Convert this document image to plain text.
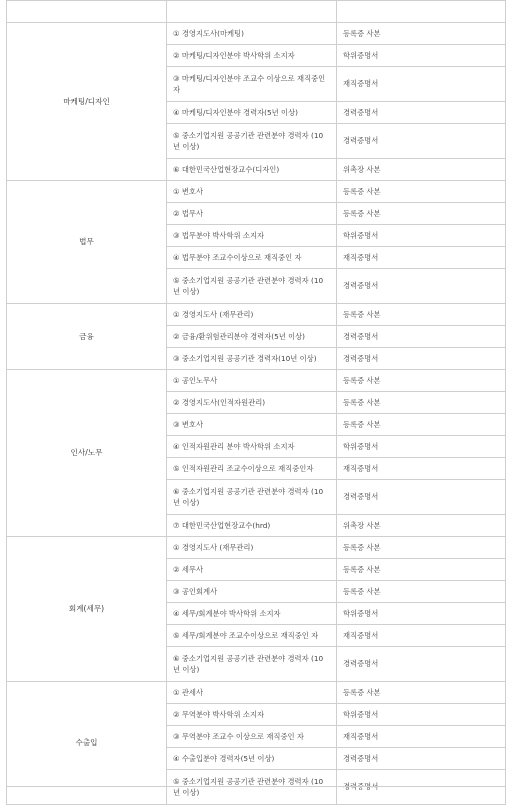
마케팅/디자인	① 경영지도사(마케팅)	등록증 사본
	② 마케팅/디자인분야 박사학위 소지자	학위증명서
	③ 마케팅/디자인분야 조교수 이상으로 재직중인 자	재직증명서
	④ 마케팅/디자인분야 경력자(5년 이상)	경력증명서
	⑤ 중소기업지원 공공기관 관련분야 경력자 (10년 이상)	경력증명서
	⑥ 대한민국산업현장교수(디자인)	위촉장 사본
법무	① 변호사	등록증 사본
	② 법무사	등록증 사본
	③ 법무분야 박사학위 소지자	학위증명서
	④ 법무분야 조교수이상으로 재직중인 자	재직증명서
	⑤ 중소기업지원 공공기관 관련분야 경력자 (10년 이상)	경력증명서
금융	① 경영지도사 (재무관리)	등록증 사본
	② 금융/환위험관리분야 경력자(5년 이상)	경력증명서
	③ 중소기업지원 공공기관 경력자(10년 이상)	경력증명서
인사/노무	① 공인노무사	등록증 사본
	② 경영지도사(인적자원관리)	등록증 사본
	③ 변호사	등록증 사본
	④ 인적자원관리 분야 박사학위 소지자	학위증명서
	⑤ 인적자원관리 조교수이상으로 재직중인자	재직증명서
	⑥ 중소기업지원 공공기관 관련분야 경력자 (10년 이상)	경력증명서
	⑦ 대한민국산업현장교수(hrd)	위촉장 사본
회계(세무)	① 경영지도사 (재무관리)	등록증 사본
	② 세무사	등록증 사본
	③ 공인회계사	등록증 사본
	④ 세무/회계분야 박사학위 소지자	학위증명서
	⑤ 세무/회계분야 조교수이상으로 재직중인 자	재직증명서
	⑥ 중소기업지원 공공기관 관련분야 경력자 (10년 이상)	경력증명서
수출입	① 관세사	등록증 사본
	② 무역분야 박사학위 소지자	학위증명서
	③ 무역분야 조교수 이상으로 재직중인 자	재직증명서
	④ 수출입분야 경력자(5년 이상)	경력증명서
	⑤ 중소기업지원 공공기관 관련분야 경력자 (10년 이상)	경력증명서
